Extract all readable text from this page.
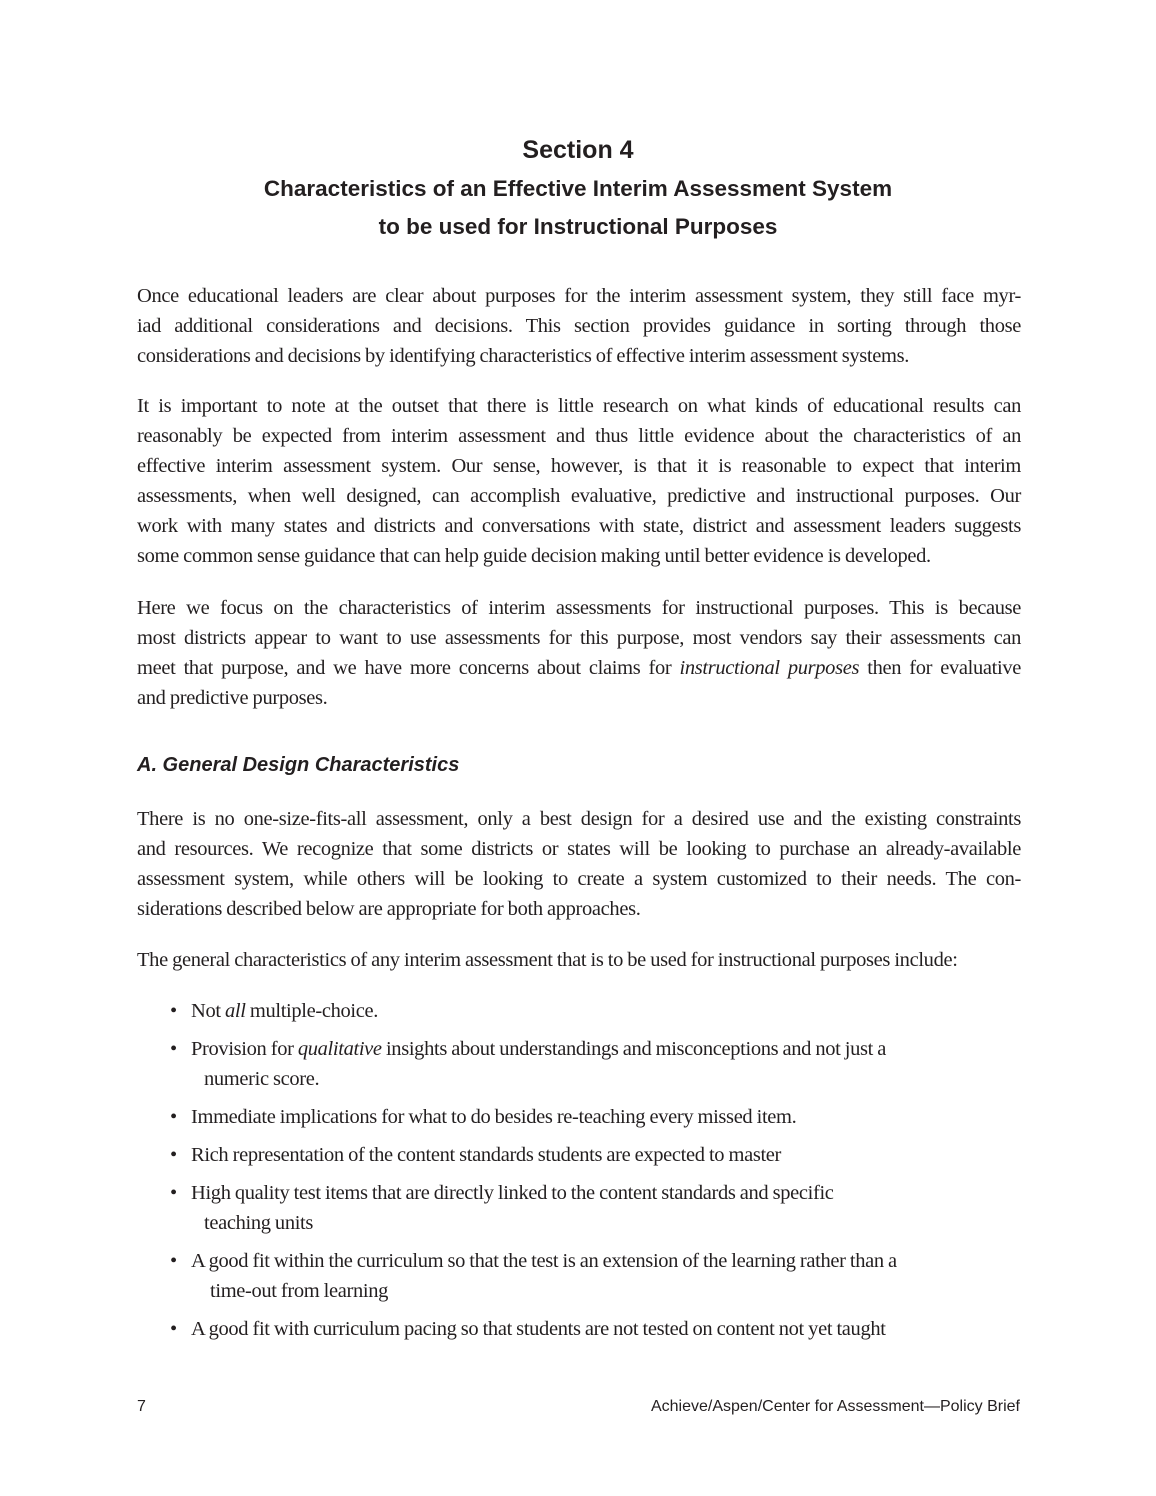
Section 4
Characteristics of an Effective Interim Assessment System
to be used for Instructional Purposes
Once educational leaders are clear about purposes for the interim assessment system, they still face myr-
iad additional considerations and decisions. This section provides guidance in sorting through those
considerations and decisions by identifying characteristics of effective interim assessment systems.
It is important to note at the outset that there is little research on what kinds of educational results can
reasonably be expected from interim assessment and thus little evidence about the characteristics of an
effective interim assessment system. Our sense, however, is that it is reasonable to expect that interim
assessments, when well designed, can accomplish evaluative, predictive and instructional purposes. Our
work with many states and districts and conversations with state, district and assessment leaders suggests
some common sense guidance that can help guide decision making until better evidence is developed.
Here we focus on the characteristics of interim assessments for instructional purposes. This is because
most districts appear to want to use assessments for this purpose, most vendors say their assessments can
meet that purpose, and we have more concerns about claims for instructional purposes then for evaluative
and predictive purposes.
A. General Design Characteristics
There is no one-size-fits-all assessment, only a best design for a desired use and the existing constraints
and resources. We recognize that some districts or states will be looking to purchase an already-available
assessment system, while others will be looking to create a system customized to their needs. The con-
siderations described below are appropriate for both approaches.
The general characteristics of any interim assessment that is to be used for instructional purposes include:
• Not all multiple-choice.
• Provision for qualitative insights about understandings and misconceptions and not just a
numeric score.
• Immediate implications for what to do besides re-teaching every missed item.
• Rich representation of the content standards students are expected to master
• High quality test items that are directly linked to the content standards and specific
teaching units
• A good fit within the curriculum so that the test is an extension of the learning rather than a
time-out from learning
• A good fit with curriculum pacing so that students are not tested on content not yet taught
7	Achieve/Aspen/Center for Assessment—Policy Brief
